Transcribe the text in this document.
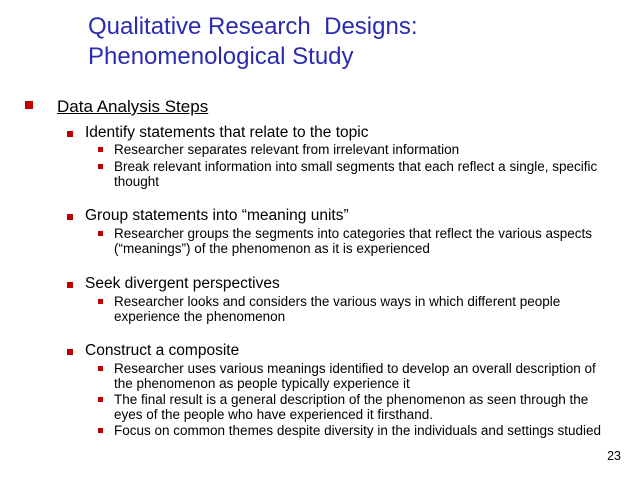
Qualitative Research  Designs:
Phenomenological Study
Data Analysis Steps
Identify statements that relate to the topic
Researcher separates relevant from irrelevant information
Break relevant information into small segments that each reflect a single, specific thought
Group statements into “meaning units”
Researcher groups the segments into categories that reflect the various aspects (“meanings”) of the phenomenon as it is experienced
Seek divergent perspectives
Researcher looks and considers the various ways in which different people experience the phenomenon
Construct a composite
Researcher uses various meanings identified to develop an overall description of the phenomenon as people typically experience it
The final result is a general description of the phenomenon as seen through the eyes of the people who have experienced it firsthand.
Focus on common themes despite diversity in the individuals and settings studied
23
